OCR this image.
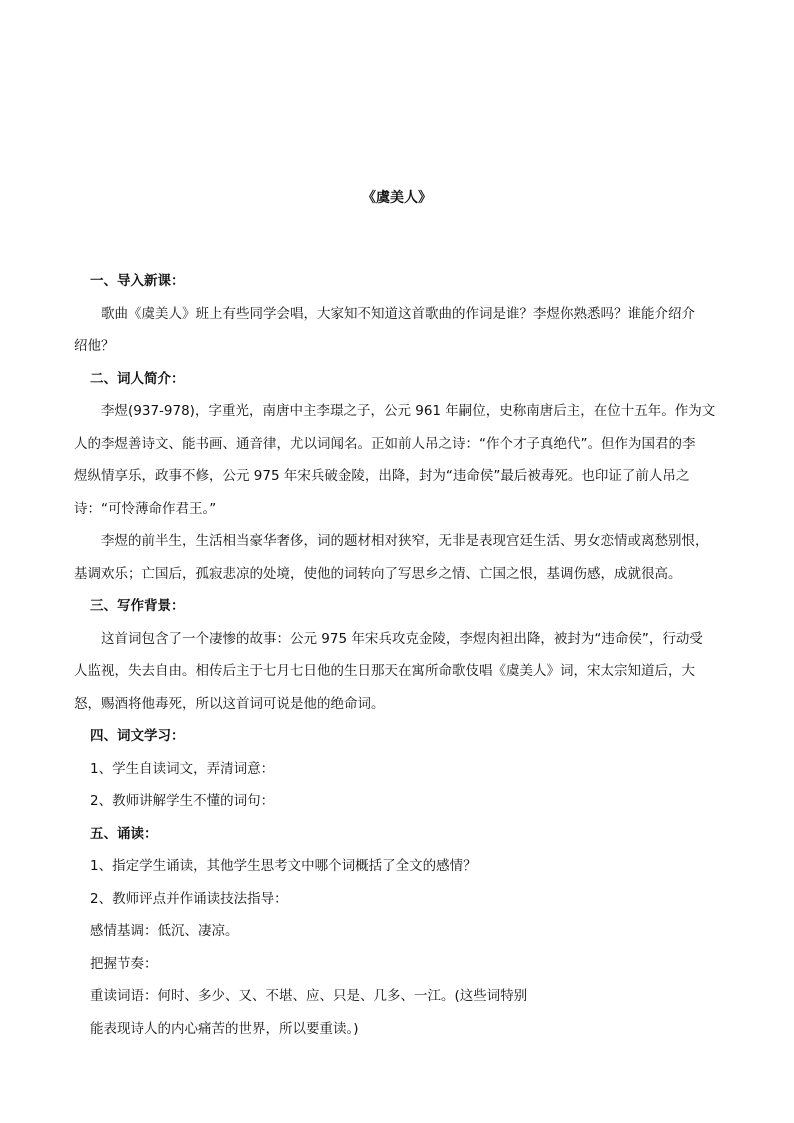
《虞美人》
一、导入新课：
歌曲《虞美人》班上有些同学会唱，大家知不知道这首歌曲的作词是谁？李煜你熟悉吗？谁能介绍介
绍他？
二、词人简介：
李煜(937-978)，字重光，南唐中主李璟之子，公元 961 年嗣位，史称南唐后主，在位十五年。作为文
人的李煜善诗文、能书画、通音律，尤以词闻名。正如前人吊之诗：“作个才子真绝代”。但作为国君的李
煜纵情享乐，政事不修，公元 975 年宋兵破金陵，出降，封为“违命侯”最后被毒死。也印证了前人吊之
诗：“可怜薄命作君王。”
李煜的前半生，生活相当豪华奢侈，词的题材相对狭窄，无非是表现宫廷生活、男女恋情或离愁别恨，
基调欢乐；亡国后，孤寂悲凉的处境，使他的词转向了写思乡之情、亡国之恨，基调伤感，成就很高。
三、写作背景：
这首词包含了一个凄惨的故事：公元 975 年宋兵攻克金陵，李煜肉袒出降，被封为“违命侯”，行动受
人监视，失去自由。相传后主于七月七日他的生日那天在寓所命歌伎唱《虞美人》词，宋太宗知道后，大
怒，赐酒将他毒死，所以这首词可说是他的绝命词。
四、词文学习：
1、学生自读词文，弄清词意：
2、教师讲解学生不懂的词句：
五、诵读：
1、指定学生诵读，其他学生思考文中哪个词概括了全文的感情？
2、教师评点并作诵读技法指导：
感情基调：低沉、凄凉。
把握节奏：
重读词语：何时、多少、又、不堪、应、只是、几多、一江。(这些词特别
能表现诗人的内心痛苦的世界，所以要重读。)
